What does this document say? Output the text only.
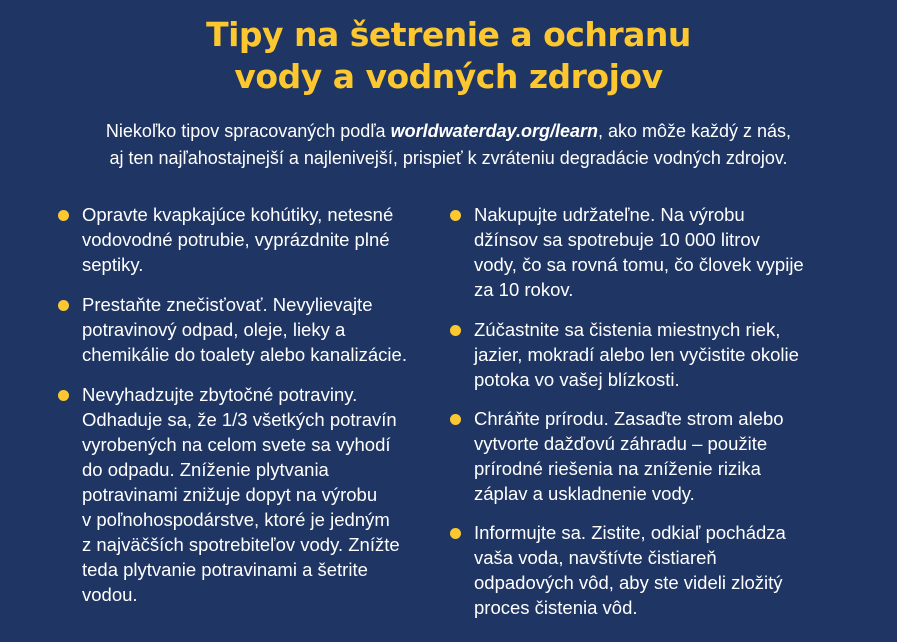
Tipy na šetrenie a ochranu
vody a vodných zdrojov

Niekoľko tipov spracovaných podľa worldwaterday.org/learn, ako môže každý z nás,
aj ten najľahostajnejší a najlenivejší, prispieť k zvráteniu degradácie vodných zdrojov.

Opravte kvapkajúce kohútiky, netesné
vodovodné potrubie, vyprázdnite plné
septiky.
Prestaňte znečisťovať. Nevylievajte
potravinový odpad, oleje, lieky a
chemikálie do toalety alebo kanalizácie.
Nevyhadzujte zbytočné potraviny.
Odhaduje sa, že 1/3 všetkých potravín
vyrobených na celom svete sa vyhodí
do odpadu. Zníženie plytvania
potravinami znižuje dopyt na výrobu
v poľnohospodárstve, ktoré je jedným
z najväčších spotrebiteľov vody. Znížte
teda plytvanie potravinami a šetrite
vodou.
Nakupujte udržateľne. Na výrobu
džínsov sa spotrebuje 10 000 litrov
vody, čo sa rovná tomu, čo človek vypije
za 10 rokov.
Zúčastnite sa čistenia miestnych riek,
jazier, mokradí alebo len vyčistite okolie
potoka vo vašej blízkosti.
Chráňte prírodu. Zasaďte strom alebo
vytvorte dažďovú záhradu – použite
prírodné riešenia na zníženie rizika
záplav a uskladnenie vody.
Informujte sa. Zistite, odkiaľ pochádza
vaša voda, navštívte čistiareň
odpadových vôd, aby ste videli zložitý
proces čistenia vôd.
